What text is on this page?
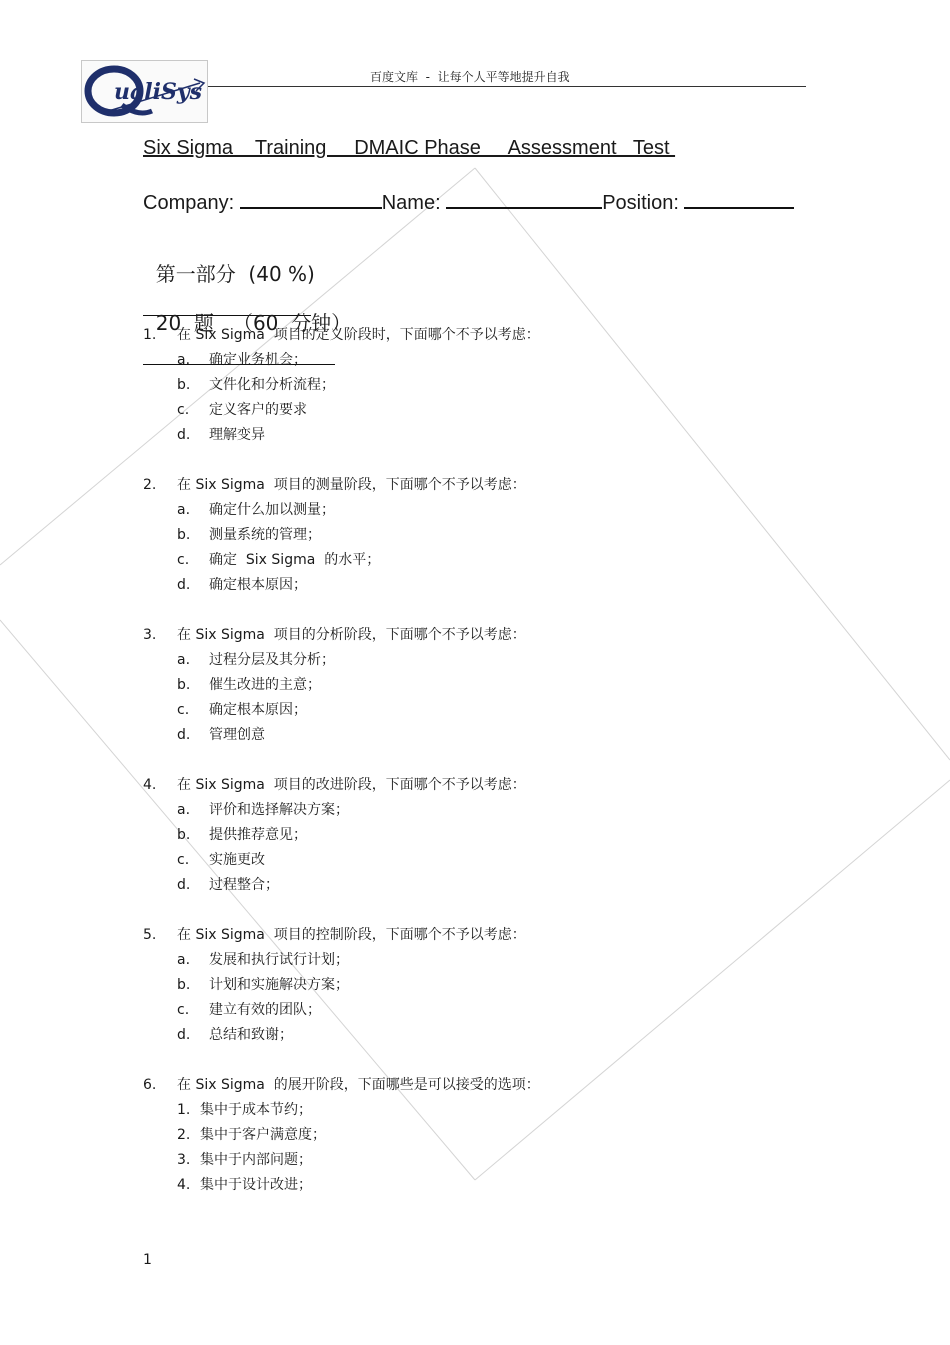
ualiSys
百度文库  -  让每个人平等地提升自我
Six Sigma    Training     DMAIC Phase     Assessment   Test
Company:	Name:	Position:

第一部分  (40 %)

20  题   （60  分钟）

1. 在 Six Sigma  项目的定义阶段时，下面哪个不予以考虑：
a. 确定业务机会；
b. 文件化和分析流程；
c. 定义客户的要求
d. 理解变异
2. 在 Six Sigma  项目的测量阶段，下面哪个不予以考虑：
a. 确定什么加以测量；
b. 测量系统的管理；
c. 确定  Six Sigma  的水平；
d. 确定根本原因；
3. 在 Six Sigma  项目的分析阶段，下面哪个不予以考虑：
a. 过程分层及其分析；
b. 催生改进的主意；
c. 确定根本原因；
d. 管理创意
4. 在 Six Sigma  项目的改进阶段，下面哪个不予以考虑：
a. 评价和选择解决方案；
b. 提供推荐意见；
c. 实施更改
d. 过程整合；
5. 在 Six Sigma  项目的控制阶段，下面哪个不予以考虑：
a. 发展和执行试行计划；
b. 计划和实施解决方案；
c. 建立有效的团队；
d. 总结和致谢；
6. 在 Six Sigma  的展开阶段，下面哪些是可以接受的选项：
1. 集中于成本节约；
2. 集中于客户满意度；
3. 集中于内部问题；
4. 集中于设计改进；
1
